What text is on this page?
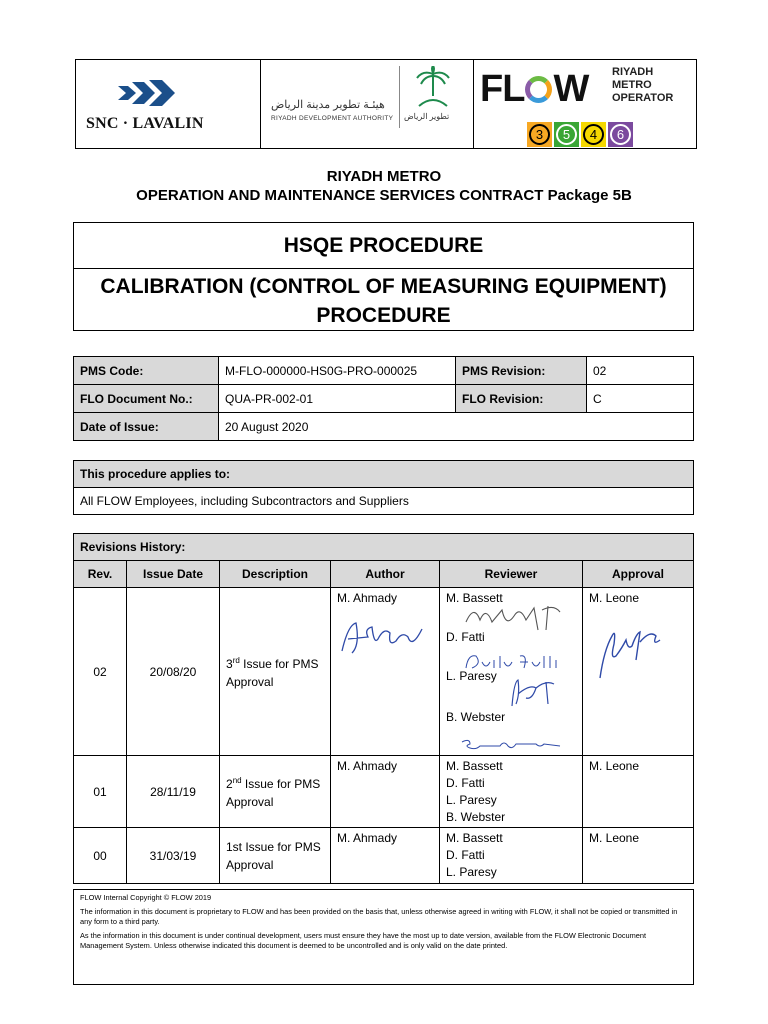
SNC · LAVALIN
هيئـة تطوير مدينة الرياض
RIYADH DEVELOPMENT AUTHORITY تطوير الرياض
FL W RIYADH
METRO
OPERATOR
3	5	4	6
RIYADH METRO
OPERATION AND MAINTENANCE SERVICES CONTRACT Package 5B
HSQE PROCEDURE
CALIBRATION (CONTROL OF MEASURING EQUIPMENT)
PROCEDURE
PMS Code:	M-FLO-000000-HS0G-PRO-000025	PMS Revision:	02
FLO Document No.:	QUA-PR-002-01	FLO Revision:	C
Date of Issue:	20 August 2020		
This procedure applies to:
All FLOW Employees, including Subcontractors and Suppliers
Revisions History:					
Rev.	Issue Date	Description	Author	Reviewer	Approval
02	20/08/20	3rd Issue for PMS Approval	M. Ahmady	M. Bassett
D. Fatti
L. Paresy
B. Webster	M. Leone
01	28/11/19	2nd Issue for PMS Approval	M. Ahmady	M. Bassett
D. Fatti
L. Paresy
B. Webster	M. Leone
00	31/03/19	1st Issue for PMS Approval	M. Ahmady	M. Bassett
D. Fatti
L. Paresy	M. Leone

FLOW Internal Copyright © FLOW 2019

The information in this document is proprietary to FLOW and has been provided on the basis that, unless otherwise agreed in writing with FLOW, it shall not be copied or transmitted in any form to a third party.

As the information in this document is under continual development, users must ensure they have the most up to date version, available from the FLOW Electronic Document Management System. Unless otherwise indicated this document is deemed to be uncontrolled and is only valid on the date printed.
